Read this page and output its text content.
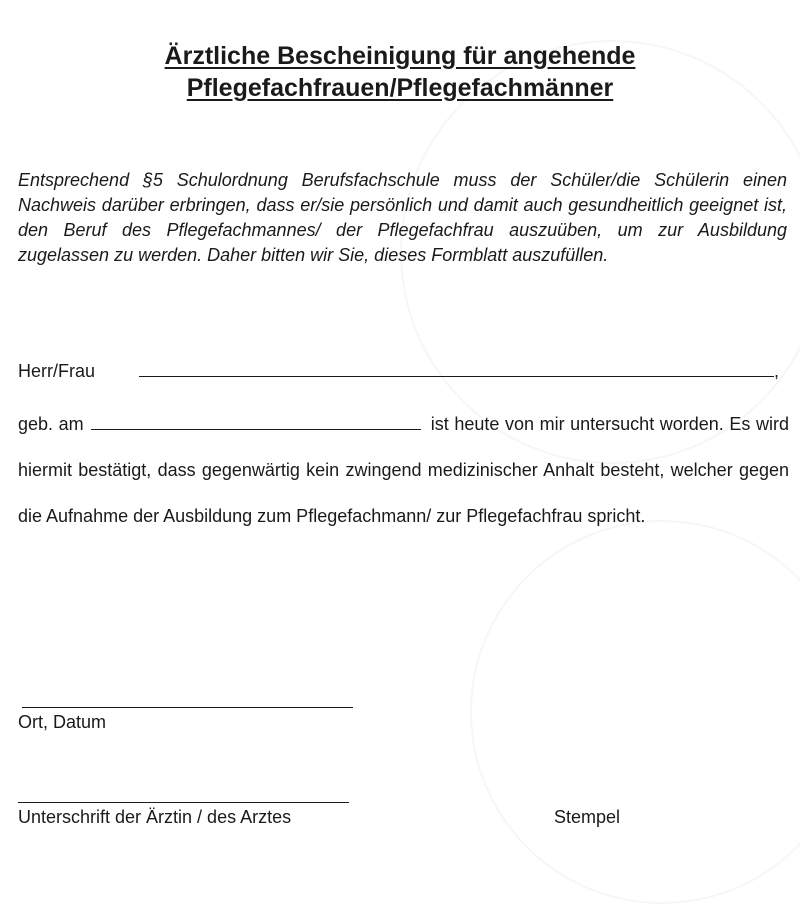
Ärztliche Bescheinigung für angehende
Pflegefachfrauen/Pflegefachmänner
Entsprechend §5 Schulordnung Berufsfachschule muss der Schüler/die Schülerin einen Nachweis darüber erbringen, dass er/sie persönlich und damit auch gesundheitlich geeignet ist, den Beruf des Pflegefachmannes/ der Pflegefachfrau auszuüben, um zur Ausbildung zugelassen zu werden. Daher bitten wir Sie, dieses Formblatt auszufüllen.
Herr/Frau	,
geb. am	ist heute von mir untersucht worden. Es wird hiermit bestätigt, dass gegenwärtig kein zwingend medizinischer Anhalt besteht, welcher gegen die Aufnahme der Ausbildung zum Pflegefachmann/ zur Pflegefachfrau spricht.
Ort, Datum
Unterschrift der Ärztin / des Arztes	Stempel
